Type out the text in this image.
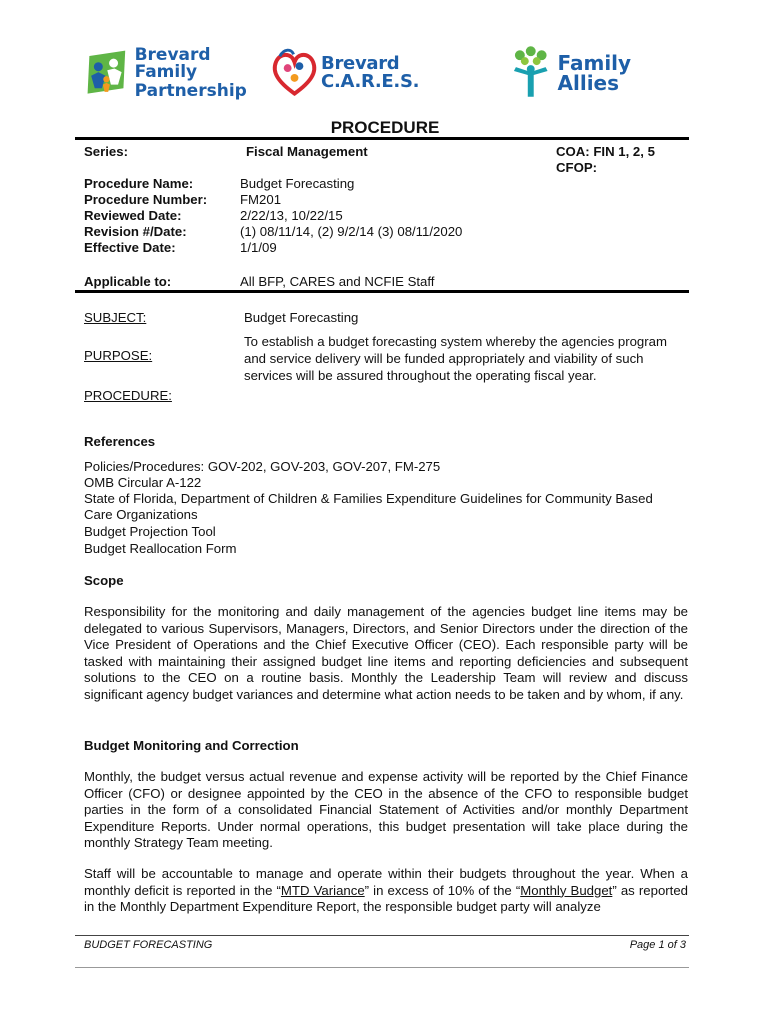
Brevard Family
Partnership
Brevard C.A.R.E.S.
Family Allies
PROCEDURE
Series:	Fiscal Management	COA: FIN 1, 2, 5
CFOP:
Procedure Name:	Budget Forecasting
Procedure Number: FM201
Reviewed Date:	2/22/13, 10/22/15
Revision #/Date:	(1) 08/11/14, (2) 9/2/14 (3) 08/11/2020
Effective Date:	1/1/09
Applicable to:	All BFP, CARES and NCFIE Staff
SUBJECT:	Budget Forecasting
PURPOSE:
To establish a budget forecasting system whereby the agencies program
and service delivery will be funded appropriately and viability of such
services will be assured throughout the operating fiscal year.
PROCEDURE:
References
Policies/Procedures: GOV-202, GOV-203, GOV-207, FM-275
OMB Circular A-122
State of Florida, Department of Children & Families Expenditure Guidelines for Community Based
Care Organizations
Budget Projection Tool
Budget Reallocation Form
Scope

Responsibility for the monitoring and daily management of the agencies budget line items may be delegated to various Supervisors, Managers, Directors, and Senior Directors under the direction of the Vice President of Operations and the Chief Executive Officer (CEO). Each responsible party will be tasked with maintaining their assigned budget line items and reporting deficiencies and subsequent solutions to the CEO on a routine basis. Monthly the Leadership Team will review and discuss significant agency budget variances and determine what action needs to be taken and by whom, if any.

Budget Monitoring and Correction

Monthly, the budget versus actual revenue and expense activity will be reported by the Chief Finance Officer (CFO) or designee appointed by the CEO in the absence of the CFO to responsible budget parties in the form of a consolidated Financial Statement of Activities and/or monthly Department Expenditure Reports. Under normal operations, this budget presentation will take place during the monthly Strategy Team meeting.

Staff will be accountable to manage and operate within their budgets throughout the year. When a monthly deficit is reported in the “MTD Variance” in excess of 10% of the “Monthly Budget” as reported in the Monthly Department Expenditure Report, the responsible budget party will analyze

BUDGET FORECASTING	Page 1 of 3
